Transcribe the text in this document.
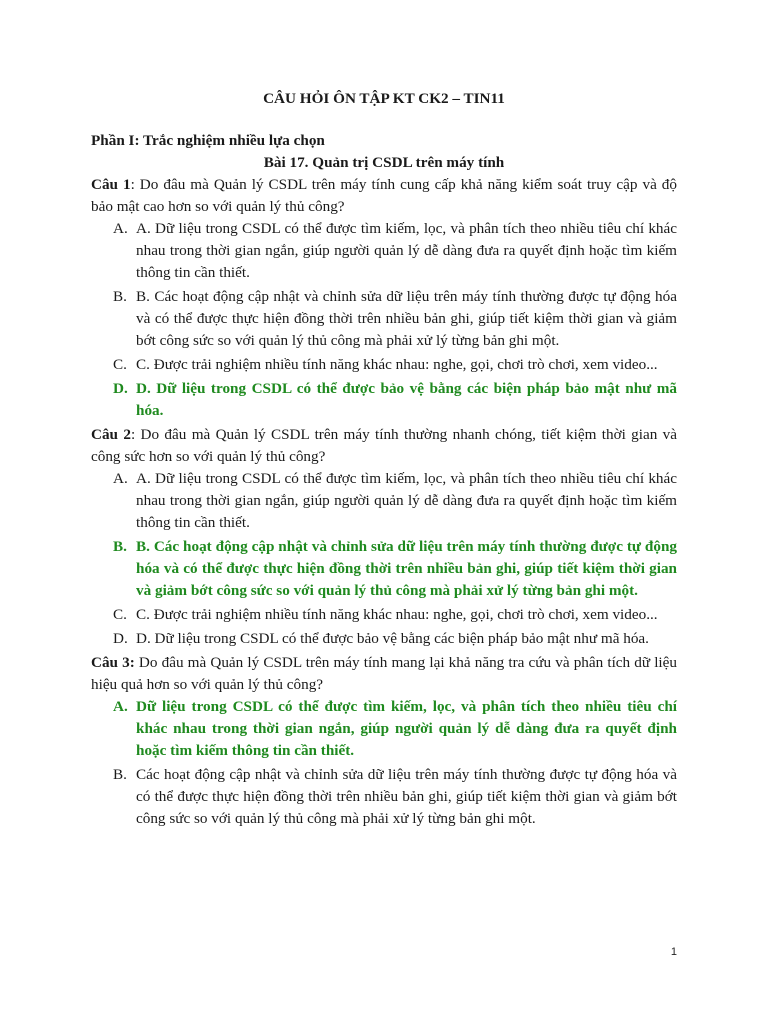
CÂU HỎI ÔN TẬP KT CK2 – TIN11

Phần I: Trắc nghiệm nhiều lựa chọn

Bài 17. Quản trị CSDL trên máy tính

Câu 1: Do đâu mà Quản lý CSDL trên máy tính cung cấp khả năng kiểm soát truy cập và độ bảo mật cao hơn so với quản lý thủ công?

A. A. Dữ liệu trong CSDL có thể được tìm kiếm, lọc, và phân tích theo nhiều tiêu chí khác nhau trong thời gian ngắn, giúp người quản lý dễ dàng đưa ra quyết định hoặc tìm kiếm thông tin cần thiết.
B. B. Các hoạt động cập nhật và chỉnh sửa dữ liệu trên máy tính thường được tự động hóa và có thể được thực hiện đồng thời trên nhiều bản ghi, giúp tiết kiệm thời gian và giảm bớt công sức so với quản lý thủ công mà phải xử lý từng bản ghi một.
C. C. Được trải nghiệm nhiều tính năng khác nhau: nghe, gọi, chơi trò chơi, xem video...
D. D. Dữ liệu trong CSDL có thể được bảo vệ bằng các biện pháp bảo mật như mã hóa.

Câu 2: Do đâu mà Quản lý CSDL trên máy tính thường nhanh chóng, tiết kiệm thời gian và công sức hơn so với quản lý thủ công?

A. A. Dữ liệu trong CSDL có thể được tìm kiếm, lọc, và phân tích theo nhiều tiêu chí khác nhau trong thời gian ngắn, giúp người quản lý dễ dàng đưa ra quyết định hoặc tìm kiếm thông tin cần thiết.
B. B. Các hoạt động cập nhật và chỉnh sửa dữ liệu trên máy tính thường được tự động hóa và có thể được thực hiện đồng thời trên nhiều bản ghi, giúp tiết kiệm thời gian và giảm bớt công sức so với quản lý thủ công mà phải xử lý từng bản ghi một.
C. C. Được trải nghiệm nhiều tính năng khác nhau: nghe, gọi, chơi trò chơi, xem video...
D. D. Dữ liệu trong CSDL có thể được bảo vệ bằng các biện pháp bảo mật như mã hóa.

Câu 3: Do đâu mà Quản lý CSDL trên máy tính mang lại khả năng tra cứu và phân tích dữ liệu hiệu quả hơn so với quản lý thủ công?

A. Dữ liệu trong CSDL có thể được tìm kiếm, lọc, và phân tích theo nhiều tiêu chí khác nhau trong thời gian ngắn, giúp người quản lý dễ dàng đưa ra quyết định hoặc tìm kiếm thông tin cần thiết.
B. Các hoạt động cập nhật và chỉnh sửa dữ liệu trên máy tính thường được tự động hóa và có thể được thực hiện đồng thời trên nhiều bản ghi, giúp tiết kiệm thời gian và giảm bớt công sức so với quản lý thủ công mà phải xử lý từng bản ghi một.
1
